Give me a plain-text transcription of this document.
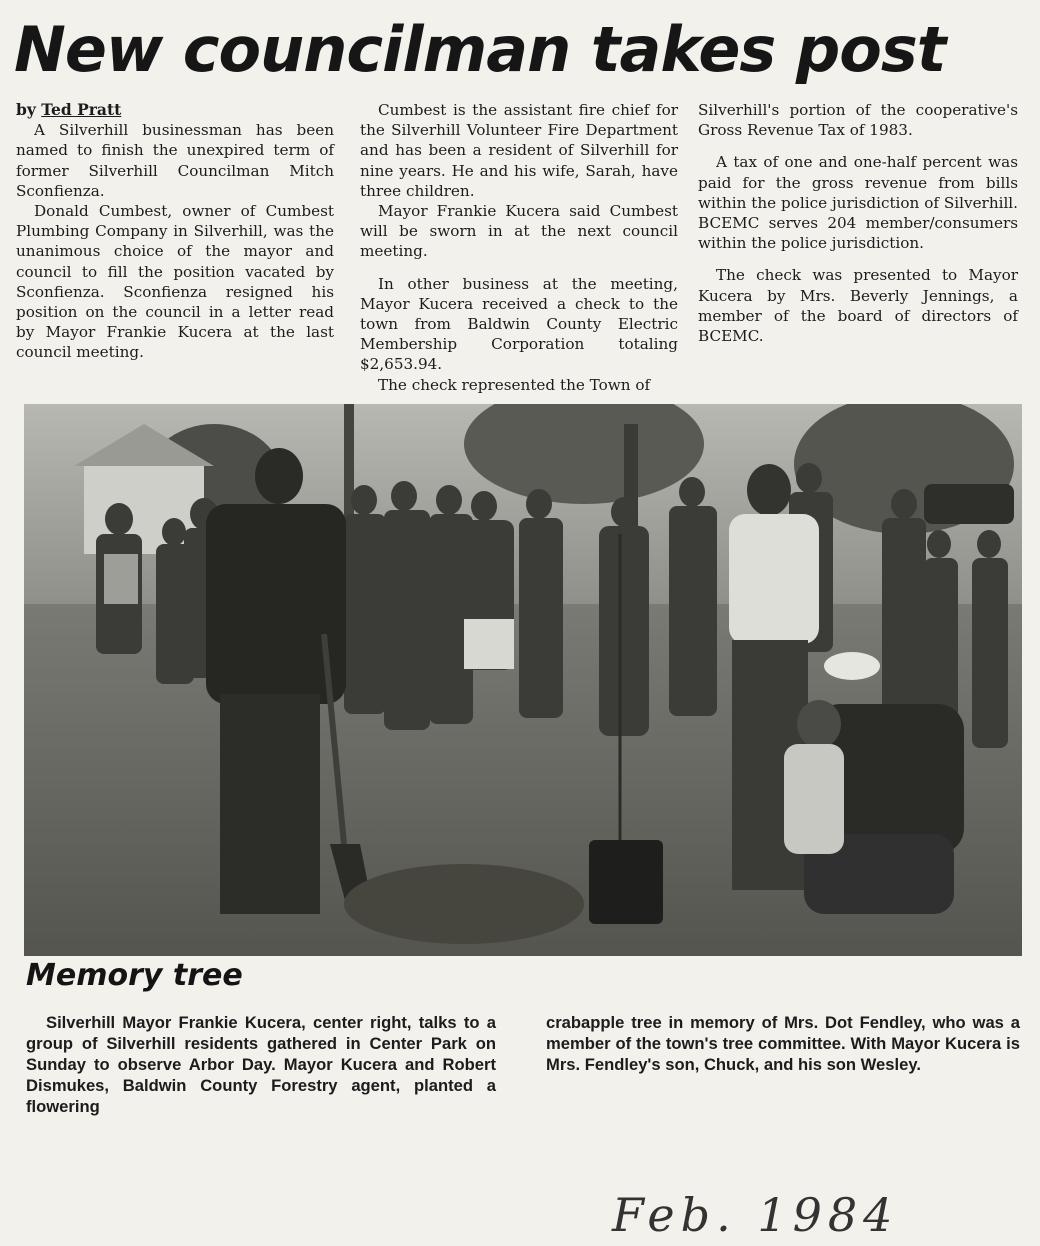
New councilman takes post

by Ted Pratt

A Silverhill businessman has been named to finish the unexpired term of former Silverhill Councilman Mitch Sconfienza.

Donald Cumbest, owner of Cumbest Plumbing Company in Silverhill, was the unanimous choice of the mayor and council to fill the position vacated by Sconfienza. Sconfienza resigned his position on the council in a letter read by Mayor Frankie Kucera at the last council meeting.

Cumbest is the assistant fire chief for the Silverhill Volunteer Fire Department and has been a resident of Silverhill for nine years. He and his wife, Sarah, have three children.

Mayor Frankie Kucera said Cumbest will be sworn in at the next council meeting.

In other business at the meeting, Mayor Kucera received a check to the town from Baldwin County Electric Membership Corporation totaling $2,653.94.

The check represented the Town of

Silverhill's portion of the cooperative's Gross Revenue Tax of 1983.

A tax of one and one-half percent was paid for the gross revenue from bills within the police jurisdiction of Silverhill. BCEMC serves 204 member/consumers within the police jurisdiction.

The check was presented to Mayor Kucera by Mrs. Beverly Jennings, a member of the board of directors of BCEMC.

Memory tree

Silverhill Mayor Frankie Kucera, center right, talks to a group of Silverhill residents gathered in Center Park on Sunday to observe Arbor Day. Mayor Kucera and Robert Dismukes, Baldwin County Forestry agent, planted a flowering

crabapple tree in memory of Mrs. Dot Fendley, who was a member of the town's tree committee. With Mayor Kucera is Mrs. Fendley's son, Chuck, and his son Wesley.

Feb. 1984
